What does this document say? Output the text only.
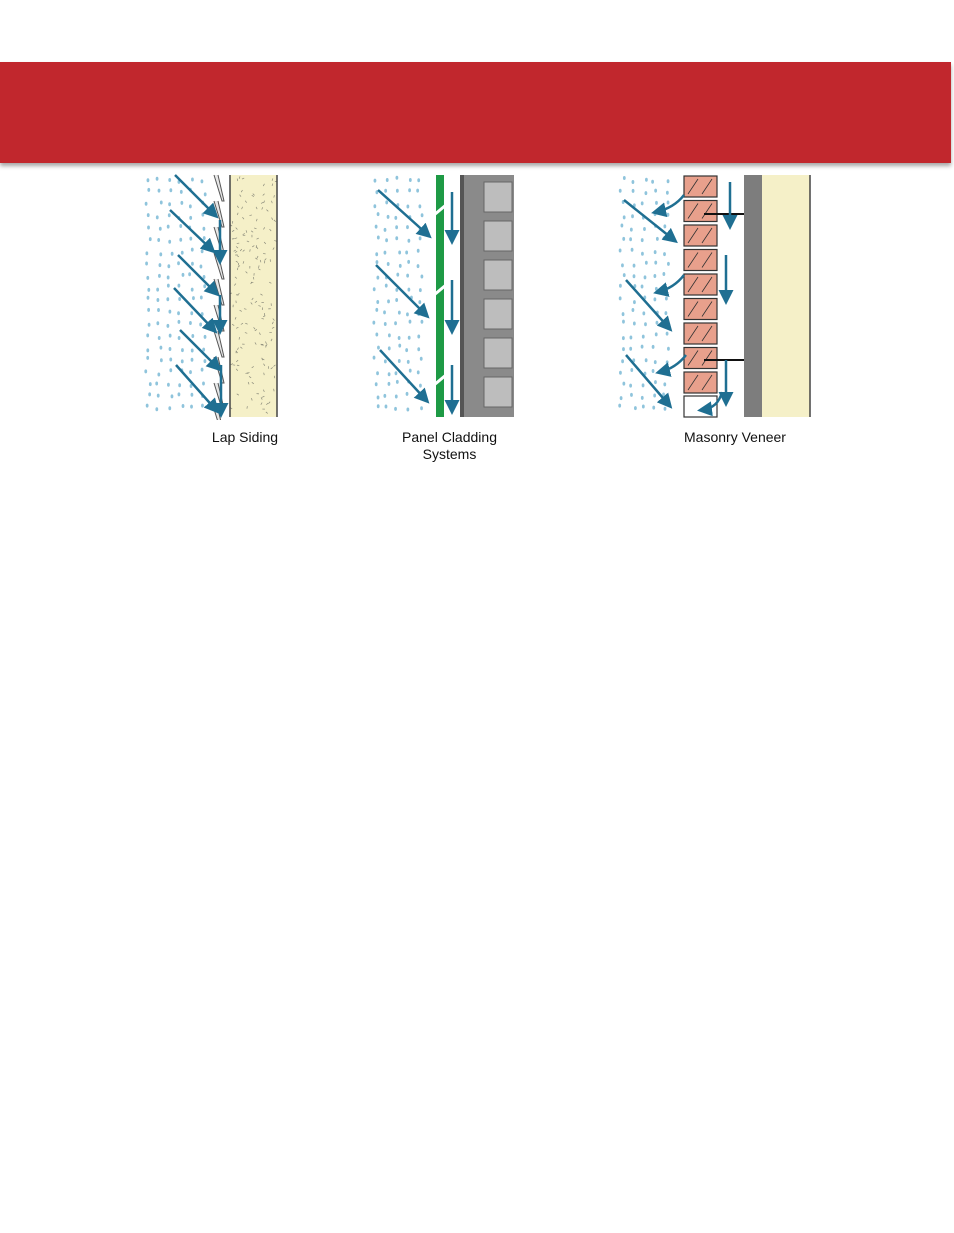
Lap Siding	Panel Cladding
Systems
Masonry Veneer
